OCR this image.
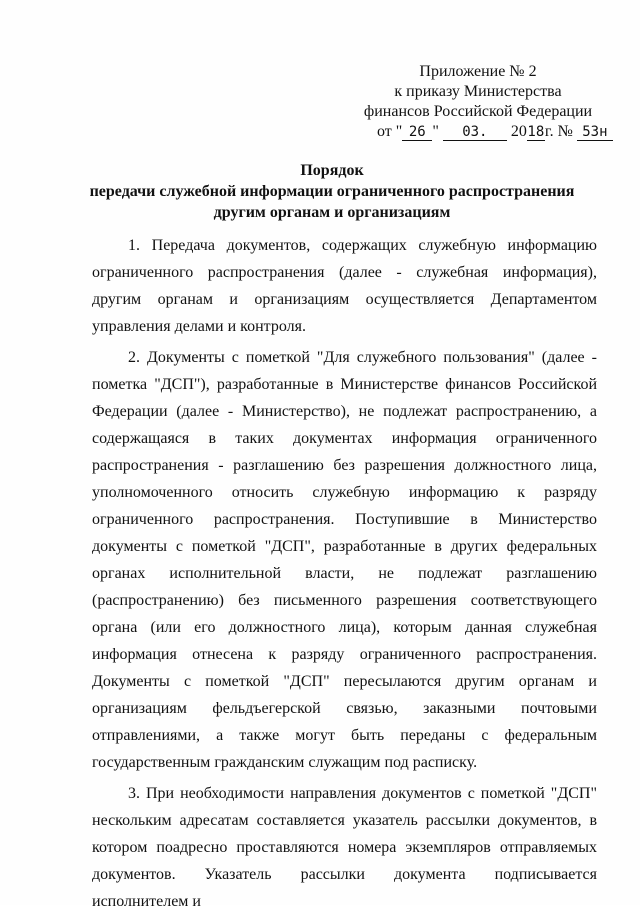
Приложение № 2
к приказу Министерства
финансов Российской Федерации
от " 26 " 03. 2018г. № 53н
Порядок
передачи служебной информации ограниченного распространения
другим органам и организациям

1. Передача документов, содержащих служебную информацию ограниченного распространения (далее - служебная информация), другим органам и организациям осуществляется Департаментом управления делами и контроля.

2. Документы с пометкой "Для служебного пользования" (далее - пометка "ДСП"), разработанные в Министерстве финансов Российской Федерации (далее - Министерство), не подлежат распространению, а содержащаяся в таких документах информация ограниченного распространения - разглашению без разрешения должностного лица, уполномоченного относить служебную информацию к разряду ограниченного распространения. Поступившие в Министерство документы с пометкой "ДСП", разработанные в других федеральных органах исполнительной власти, не подлежат разглашению (распространению) без письменного разрешения соответствующего органа (или его должностного лица), которым данная служебная информация отнесена к разряду ограниченного распространения. Документы с пометкой "ДСП" пересылаются другим органам и организациям фельдъегерской связью, заказными почтовыми отправлениями, а также могут быть переданы с федеральным государственным гражданским служащим под расписку.

3. При необходимости направления документов с пометкой "ДСП" нескольким адресатам составляется указатель рассылки документов, в котором поадресно проставляются номера экземпляров отправляемых документов. Указатель рассылки документа подписывается исполнителем и
